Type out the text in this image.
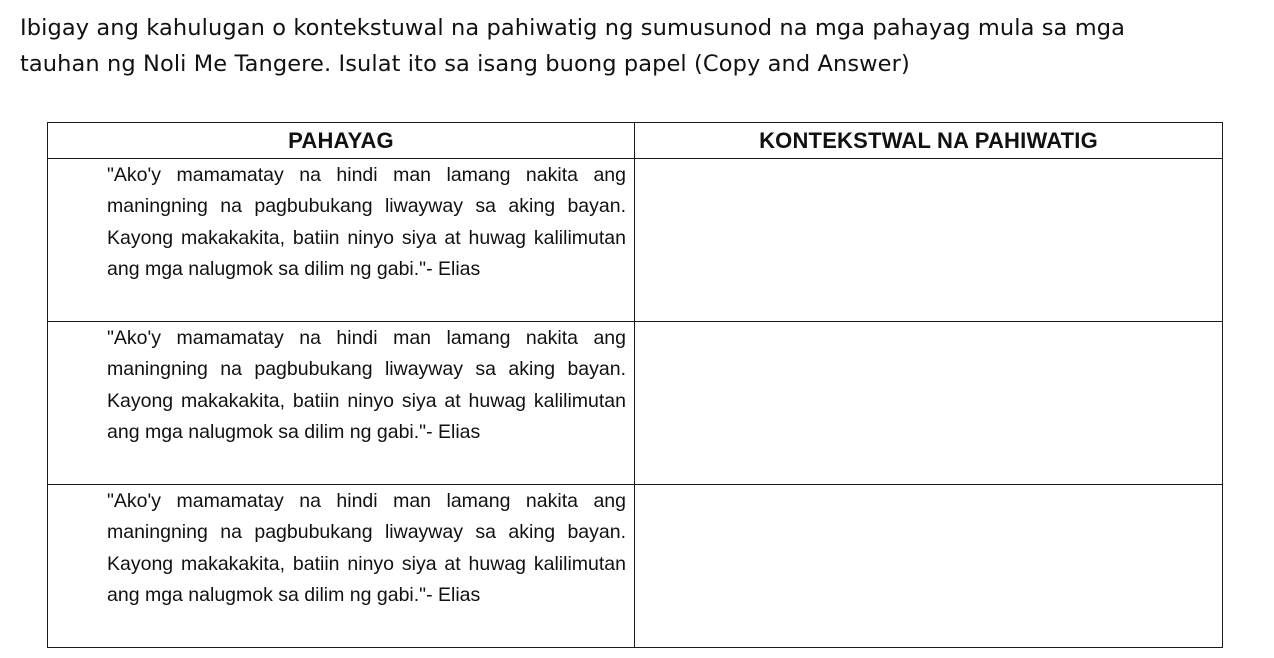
Ibigay ang kahulugan o kontekstuwal na pahiwatig ng sumusunod na mga pahayag mula sa mga
tauhan ng Noli Me Tangere. Isulat ito sa isang buong papel (Copy and Answer)

PAHAYAG	KONTEKSTWAL NA PAHIWATIG

"Ako'y mamamatay na hindi man lamang nakita ang maningning na pagbubukang liwayway sa aking bayan. Kayong makakakita, batiin ninyo siya at huwag kalilimutan ang mga nalugmok sa dilim ng gabi."- Elias	

"Ako'y mamamatay na hindi man lamang nakita ang maningning na pagbubukang liwayway sa aking bayan. Kayong makakakita, batiin ninyo siya at huwag kalilimutan ang mga nalugmok sa dilim ng gabi."- Elias	

"Ako'y mamamatay na hindi man lamang nakita ang maningning na pagbubukang liwayway sa aking bayan. Kayong makakakita, batiin ninyo siya at huwag kalilimutan ang mga nalugmok sa dilim ng gabi."- Elias	
